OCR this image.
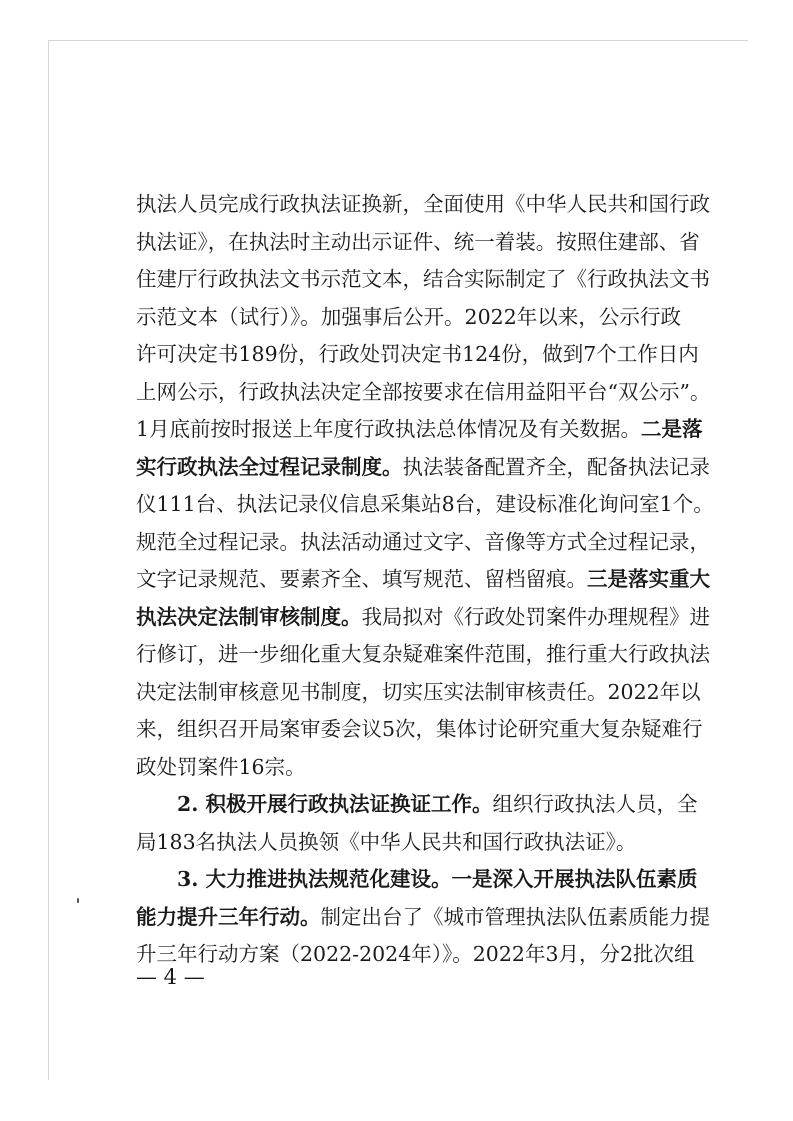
执法人员完成行政执法证换新，全面使用《中华人民共和国行政
执法证》，在执法时主动出示证件、统一着装。按照住建部、省
住建厅行政执法文书示范文本，结合实际制定了《行政执法文书
示范文本（试行）》。加强事后公开。2022年以来，公示行政
许可决定书189份，行政处罚决定书124份，做到7个工作日内
上网公示，行政执法决定全部按要求在信用益阳平台“双公示”。
1月底前按时报送上年度行政执法总体情况及有关数据。二是落
实行政执法全过程记录制度。执法装备配置齐全，配备执法记录
仪111台、执法记录仪信息采集站8台，建设标准化询问室1个。
规范全过程记录。执法活动通过文字、音像等方式全过程记录，
文字记录规范、要素齐全、填写规范、留档留痕。三是落实重大
执法决定法制审核制度。我局拟对《行政处罚案件办理规程》进
行修订，进一步细化重大复杂疑难案件范围，推行重大行政执法
决定法制审核意见书制度，切实压实法制审核责任。2022年以
来，组织召开局案审委会议5次，集体讨论研究重大复杂疑难行
政处罚案件16宗。
2. 积极开展行政执法证换证工作。组织行政执法人员，全
局183名执法人员换领《中华人民共和国行政执法证》。
3. 大力推进执法规范化建设。一是深入开展执法队伍素质
能力提升三年行动。制定出台了《城市管理执法队伍素质能力提
升三年行动方案（2022-2024年）》。2022年3月，分2批次组
— 4 —
